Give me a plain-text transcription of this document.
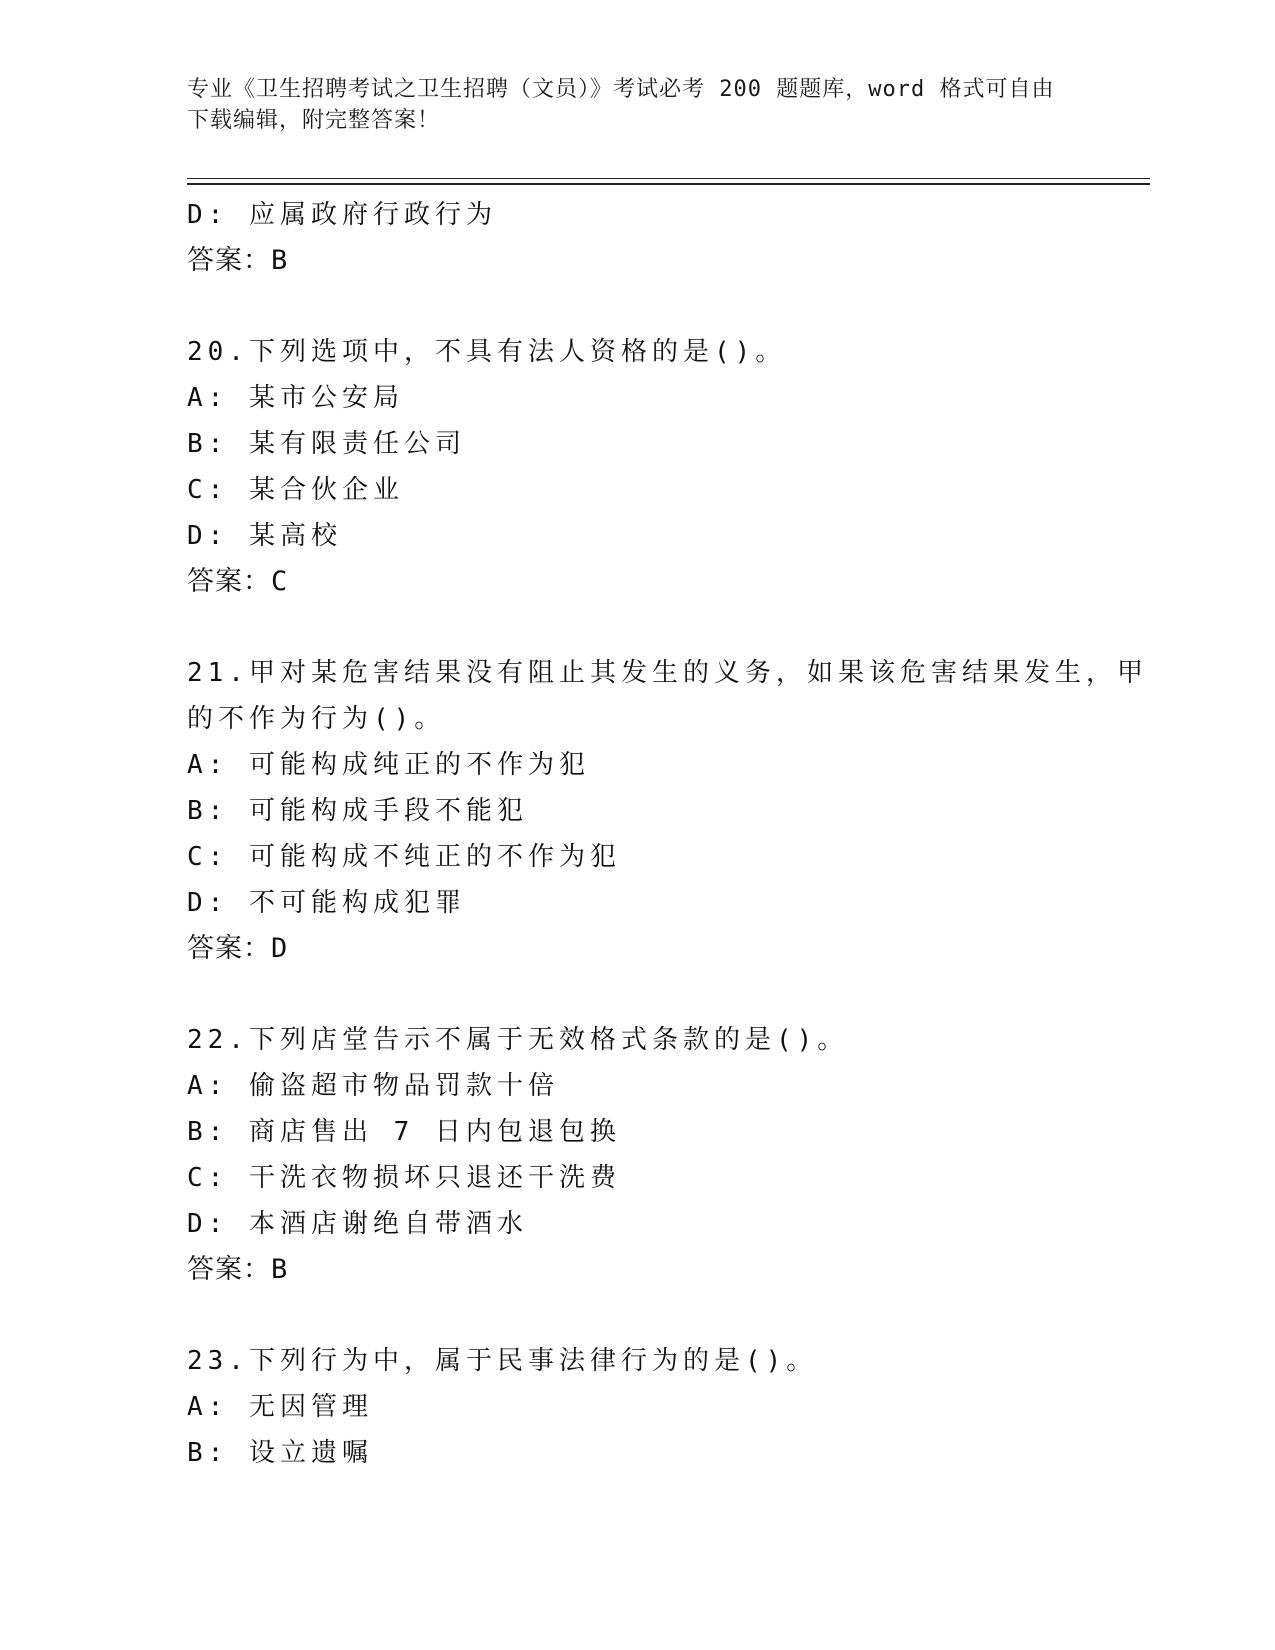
专业《卫生招聘考试之卫生招聘（文员）》考试必考 200 题题库，word 格式可自由下载编辑，附完整答案！
D: 应属政府行政行为
答案：B
20.下列选项中，不具有法人资格的是()。
A: 某市公安局
B: 某有限责任公司
C: 某合伙企业
D: 某高校
答案：C
21.甲对某危害结果没有阻止其发生的义务，如果该危害结果发生，甲
的不作为行为()。
A: 可能构成纯正的不作为犯
B: 可能构成手段不能犯
C: 可能构成不纯正的不作为犯
D: 不可能构成犯罪
答案：D
22.下列店堂告示不属于无效格式条款的是()。
A: 偷盗超市物品罚款十倍
B: 商店售出 7 日内包退包换
C: 干洗衣物损坏只退还干洗费
D: 本酒店谢绝自带酒水
答案：B
23.下列行为中，属于民事法律行为的是()。
A: 无因管理
B: 设立遗嘱
